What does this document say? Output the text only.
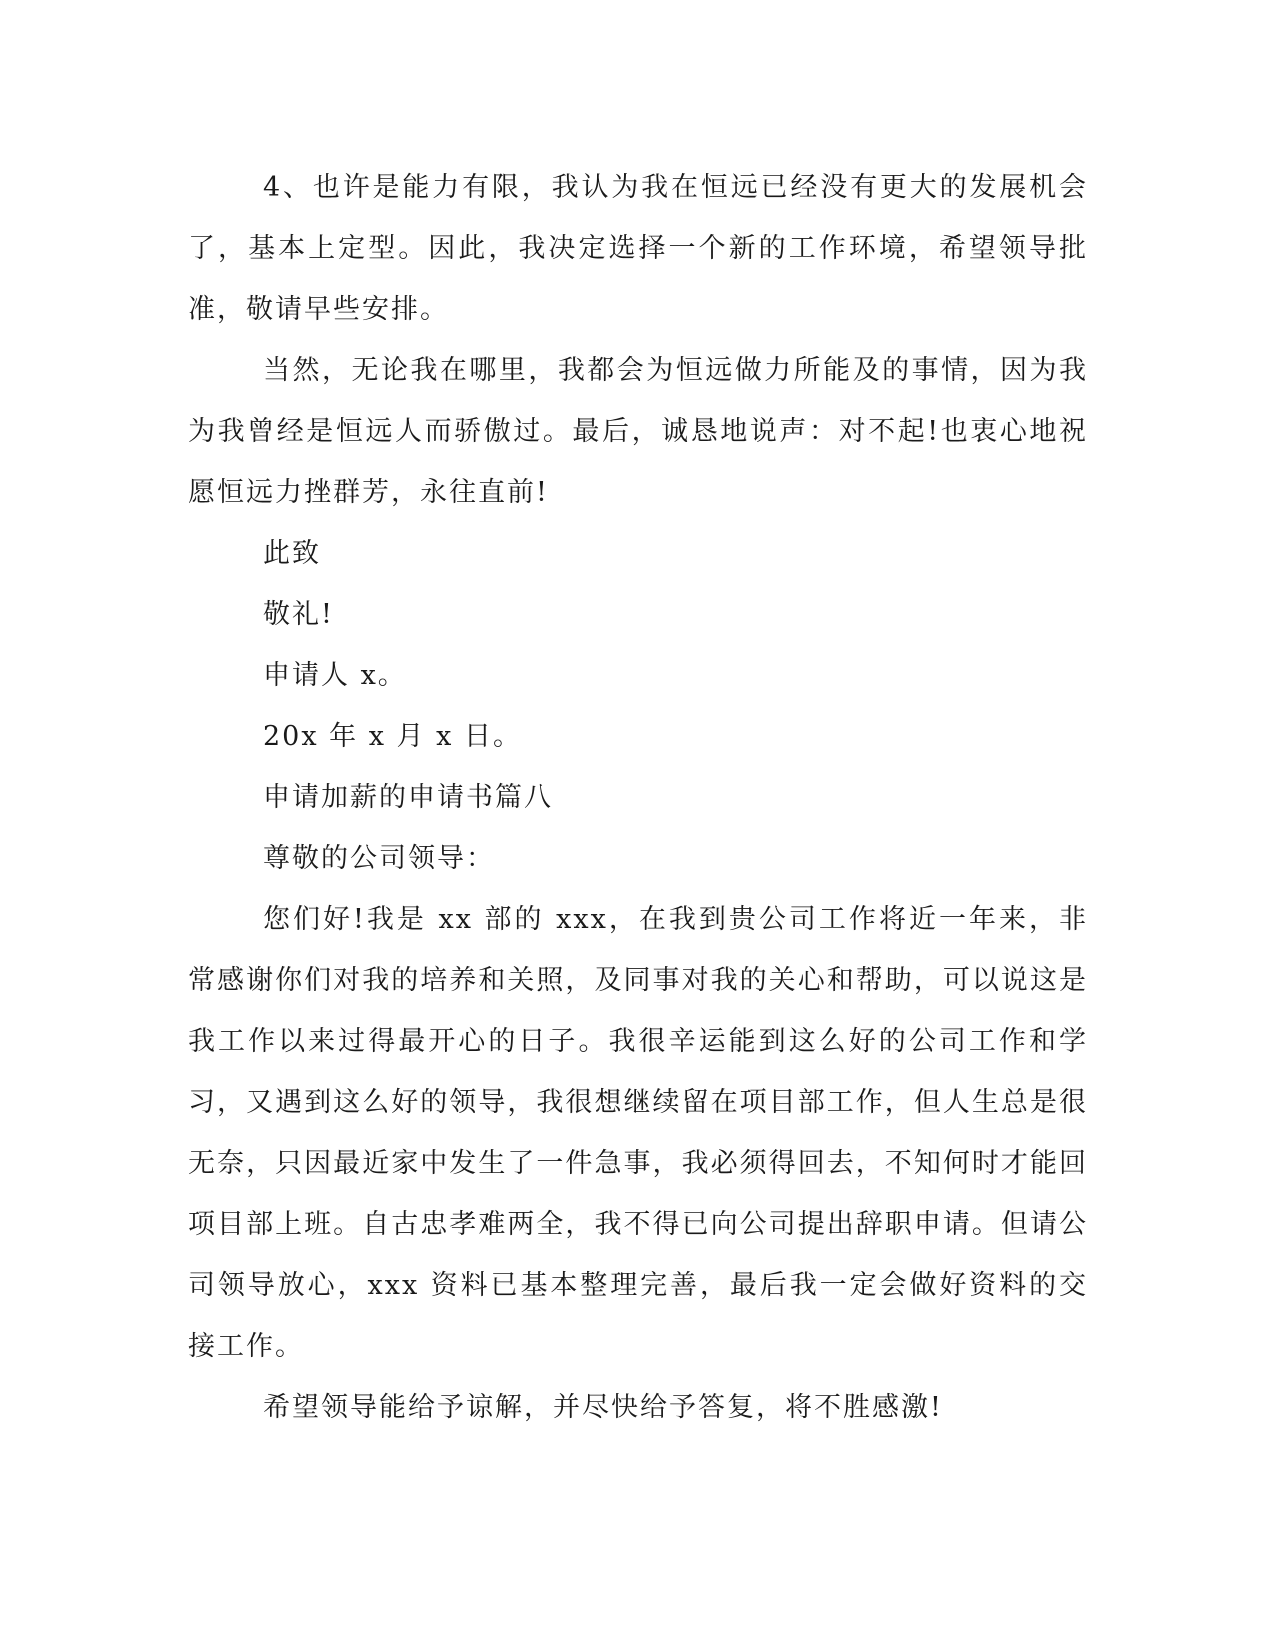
4、也许是能力有限，我认为我在恒远已经没有更大的发展机会了，基本上定型。因此，我决定选择一个新的工作环境，希望领导批准，敬请早些安排。

当然，无论我在哪里，我都会为恒远做力所能及的事情，因为我为我曾经是恒远人而骄傲过。最后，诚恳地说声：对不起!也衷心地祝愿恒远力挫群芳，永往直前!

此致

敬礼!

申请人 x。

20x 年 x 月 x 日。

申请加薪的申请书篇八

尊敬的公司领导：

您们好!我是 xx 部的 xxx，在我到贵公司工作将近一年来，非常感谢你们对我的培养和关照，及同事对我的关心和帮助，可以说这是我工作以来过得最开心的日子。我很辛运能到这么好的公司工作和学习，又遇到这么好的领导，我很想继续留在项目部工作，但人生总是很无奈，只因最近家中发生了一件急事，我必须得回去，不知何时才能回项目部上班。自古忠孝难两全，我不得已向公司提出辞职申请。但请公司领导放心，xxx 资料已基本整理完善，最后我一定会做好资料的交接工作。

希望领导能给予谅解，并尽快给予答复，将不胜感激!
